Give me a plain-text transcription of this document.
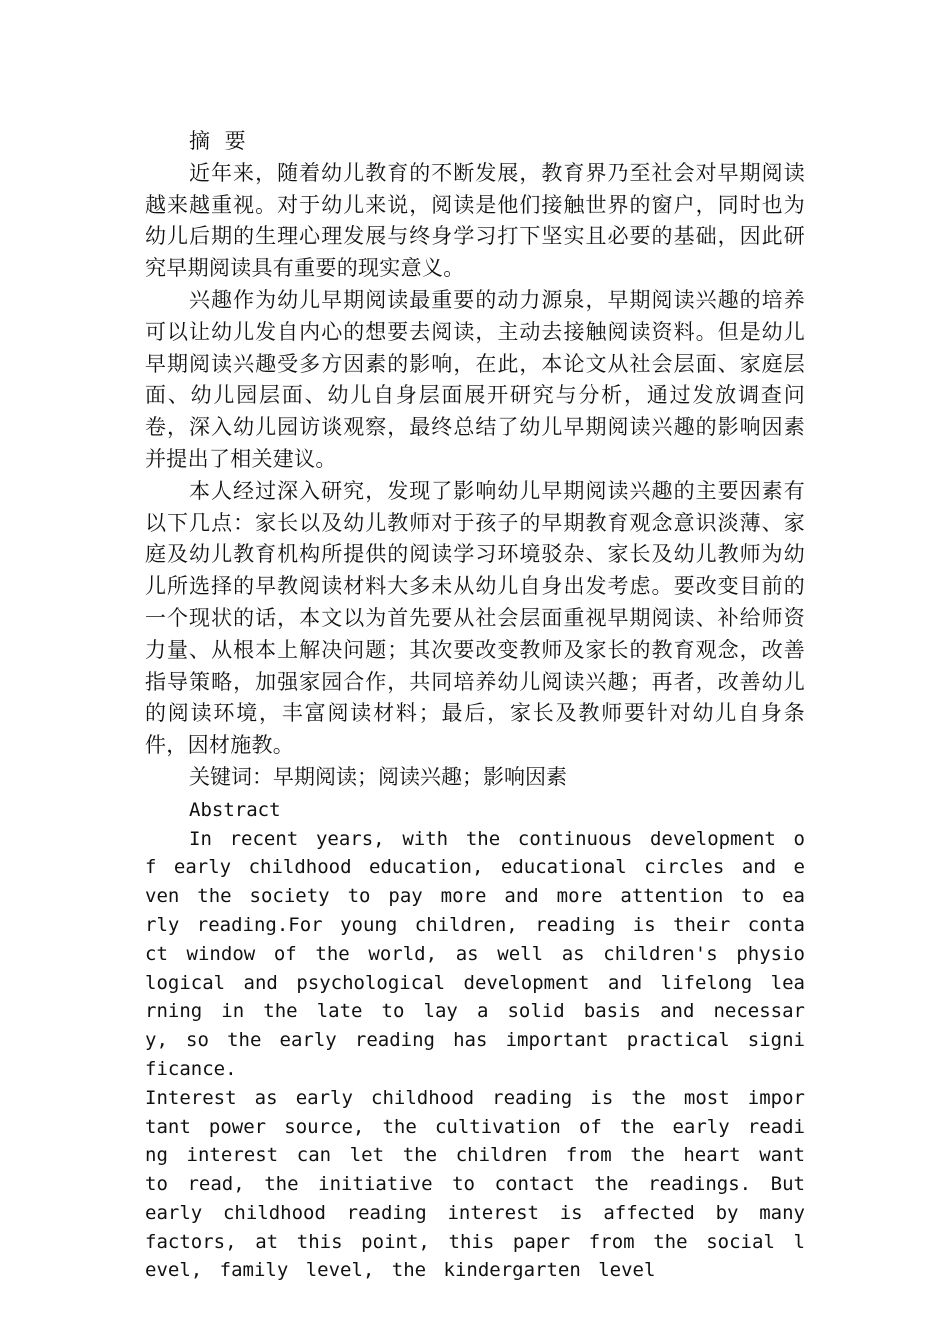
摘 要

近年来，随着幼儿教育的不断发展，教育界乃至社会对早期阅读越来越重视。对于幼儿来说，阅读是他们接触世界的窗户，同时也为幼儿后期的生理心理发展与终身学习打下坚实且必要的基础，因此研究早期阅读具有重要的现实意义。

兴趣作为幼儿早期阅读最重要的动力源泉，早期阅读兴趣的培养可以让幼儿发自内心的想要去阅读，主动去接触阅读资料。但是幼儿早期阅读兴趣受多方因素的影响，在此，本论文从社会层面、家庭层面、幼儿园层面、幼儿自身层面展开研究与分析，通过发放调查问卷，深入幼儿园访谈观察，最终总结了幼儿早期阅读兴趣的影响因素并提出了相关建议。

本人经过深入研究，发现了影响幼儿早期阅读兴趣的主要因素有以下几点：家长以及幼儿教师对于孩子的早期教育观念意识淡薄、家庭及幼儿教育机构所提供的阅读学习环境驳杂、家长及幼儿教师为幼儿所选择的早教阅读材料大多未从幼儿自身出发考虑。要改变目前的一个现状的话，本文以为首先要从社会层面重视早期阅读、补给师资力量、从根本上解决问题；其次要改变教师及家长的教育观念，改善指导策略，加强家园合作，共同培养幼儿阅读兴趣；再者，改善幼儿的阅读环境，丰富阅读材料；最后，家长及教师要针对幼儿自身条件，因材施教。

关键词：早期阅读；阅读兴趣；影响因素

Abstract

In recent years, with the continuous development of early childhood education, educational circles and even the society to pay more and more attention to early reading.For young children, reading is their contact window of the world, as well as children's physiological and psychological development and lifelong learning in the late to lay a solid basis and necessary, so the early reading has important practical significance.

Interest as early childhood reading is the most important power source, the cultivation of the early reading interest can let the children from the heart want to read, the initiative to contact the readings. But early childhood reading interest is affected by many factors, at this point, this paper from the social level, family level, the kindergarten level
